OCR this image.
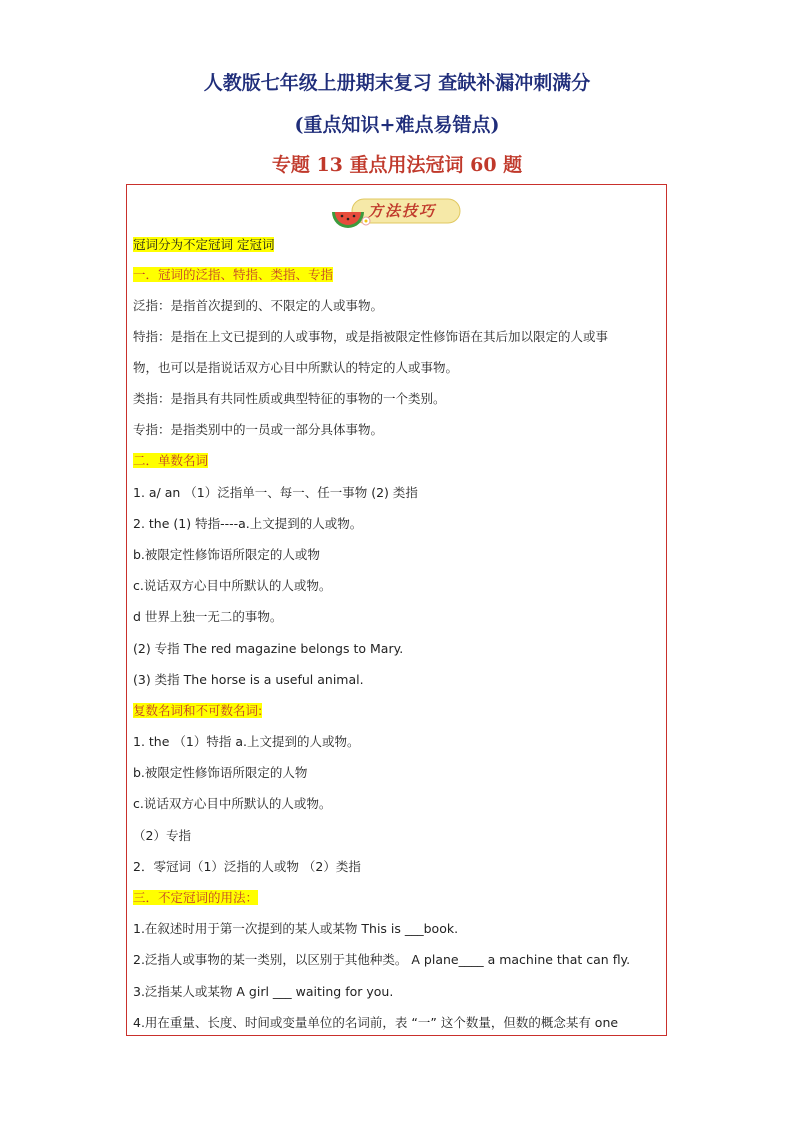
人教版七年级上册期末复习 查缺补漏冲刺满分
(重点知识+难点易错点)
专题 13 重点用法冠词 60 题
方法技巧
冠词分为不定冠词 定冠词
一．冠词的泛指、特指、类指、专指
泛指：是指首次提到的、不限定的人或事物。
特指：是指在上文已提到的人或事物，或是指被限定性修饰语在其后加以限定的人或事
物，也可以是指说话双方心目中所默认的特定的人或事物。
类指：是指具有共同性质或典型特征的事物的一个类别。
专指：是指类别中的一员或一部分具体事物。
二．单数名词
1. a/ an （1）泛指单一、每一、任一事物 (2) 类指
2. the (1) 特指----a.上文提到的人或物。
b.被限定性修饰语所限定的人或物
c.说话双方心目中所默认的人或物。
d 世界上独一无二的事物。
(2) 专指 The red magazine belongs to Mary.
(3) 类指 The horse is a useful animal.
复数名词和不可数名词:
1. the （1）特指 a.上文提到的人或物。
b.被限定性修饰语所限定的人物
c.说话双方心目中所默认的人或物。
（2）专指
2．零冠词（1）泛指的人或物 （2）类指
三．不定冠词的用法：
1.在叙述时用于第一次提到的某人或某物 This is ___book.
2.泛指人或事物的某一类别，以区别于其他种类。 A plane____ a machine that can fly.
3.泛指某人或某物 A girl ___ waiting for you.
4.用在重量、长度、时间或变量单位的名词前，表 “一” 这个数量，但数的概念某有 one
